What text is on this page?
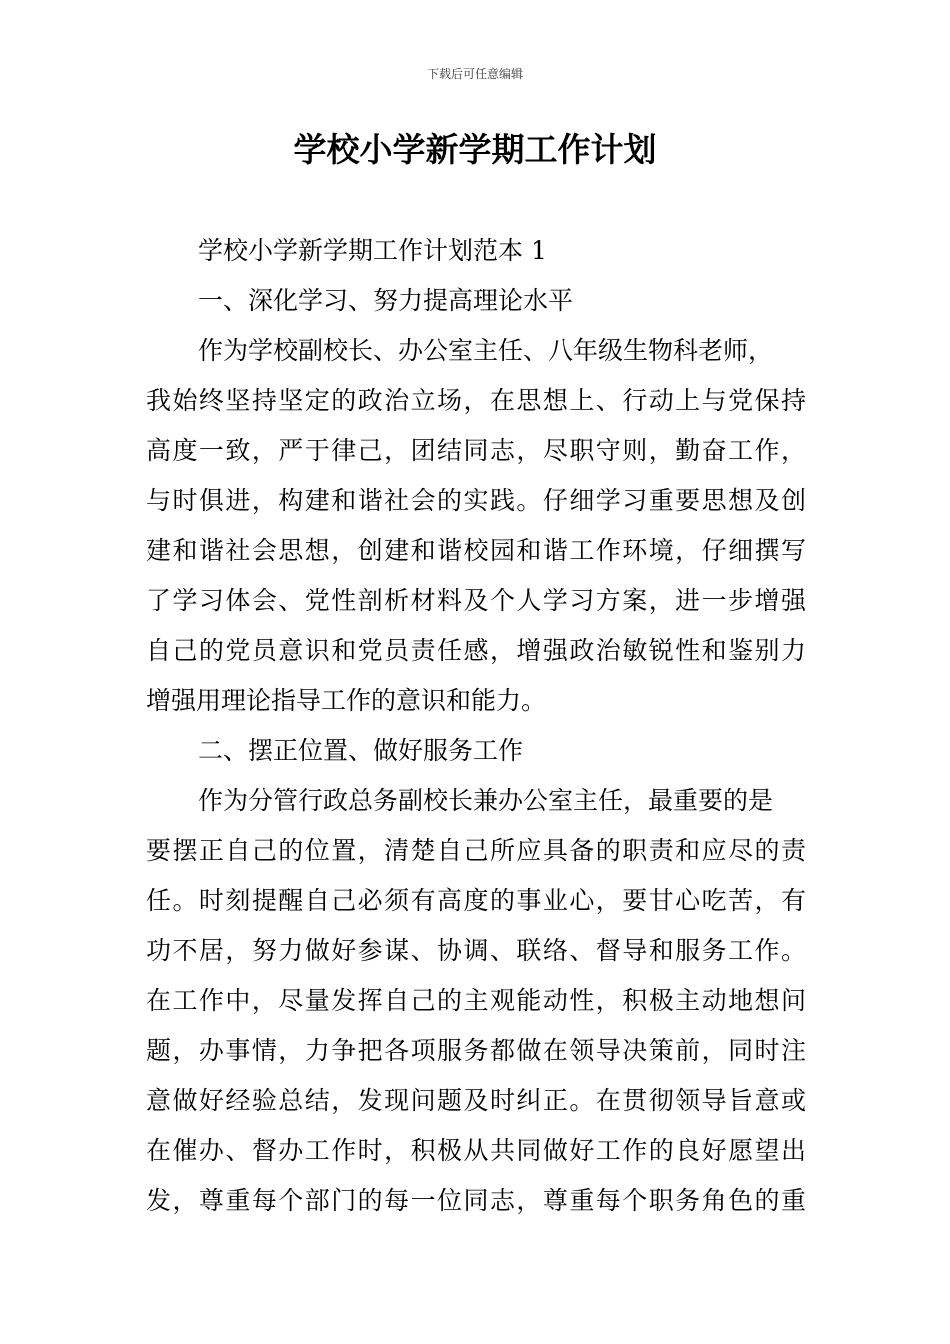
下载后可任意编辑
学校小学新学期工作计划
学校小学新学期工作计划范本 1
一、深化学习、努力提高理论水平
作为学校副校长、办公室主任、八年级生物科老师，
我始终坚持坚定的政治立场，在思想上、行动上与党保持
高度一致，严于律己，团结同志，尽职守则，勤奋工作，
与时俱进，构建和谐社会的实践。仔细学习重要思想及创
建和谐社会思想，创建和谐校园和谐工作环境，仔细撰写
了学习体会、党性剖析材料及个人学习方案，进一步增强
自己的党员意识和党员责任感，增强政治敏锐性和鉴别力
增强用理论指导工作的意识和能力。
二、摆正位置、做好服务工作
作为分管行政总务副校长兼办公室主任，最重要的是
要摆正自己的位置，清楚自己所应具备的职责和应尽的责
任。时刻提醒自己必须有高度的事业心，要甘心吃苦，有
功不居，努力做好参谋、协调、联络、督导和服务工作。
在工作中，尽量发挥自己的主观能动性，积极主动地想问
题，办事情，力争把各项服务都做在领导决策前，同时注
意做好经验总结，发现问题及时纠正。在贯彻领导旨意或
在催办、督办工作时，积极从共同做好工作的良好愿望出
发，尊重每个部门的每一位同志，尊重每个职务角色的重
